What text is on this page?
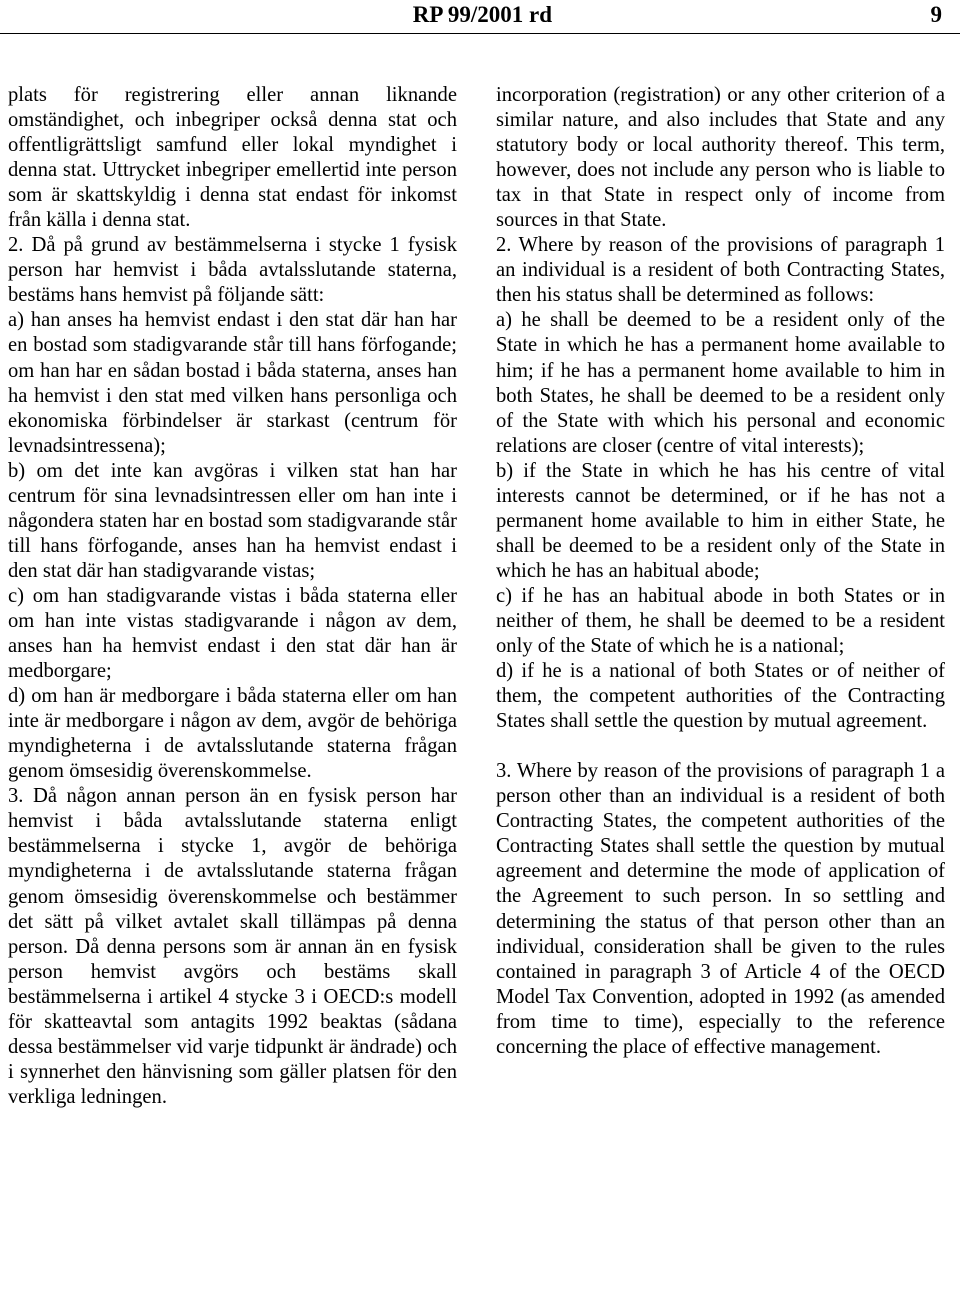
RP 99/2001 rd	9

plats för registrering eller annan liknande omständighet, och inbegriper också denna stat och offentligrättsligt samfund eller lokal myndighet i denna stat. Uttrycket inbegriper emellertid inte person som är skattskyldig i denna stat endast för inkomst från källa i denna stat.

2. Då på grund av bestämmelserna i stycke 1 fysisk person har hemvist i båda avtalsslutande staterna, bestäms hans hemvist på följande sätt:

a) han anses ha hemvist endast i den stat där han har en bostad som stadigvarande står till hans förfogande; om han har en sådan bostad i båda staterna, anses han ha hemvist i den stat med vilken hans personliga och ekonomiska förbindelser är starkast (centrum för levnadsintressena);

b) om det inte kan avgöras i vilken stat han har centrum för sina levnadsintressen eller om han inte i någondera staten har en bostad som stadigvarande står till hans förfogande, anses han ha hemvist endast i den stat där han stadigvarande vistas;

c) om han stadigvarande vistas i båda staterna eller om han inte vistas stadigvarande i någon av dem, anses han ha hemvist endast i den stat där han är medborgare;

d) om han är medborgare i båda staterna eller om han inte är medborgare i någon av dem, avgör de behöriga myndigheterna i de avtalsslutande staterna frågan genom ömsesidig överenskommelse.

3. Då någon annan person än en fysisk person har hemvist i båda avtalsslutande staterna enligt bestämmelserna i stycke 1, avgör de behöriga myndigheterna i de avtalsslutande staterna frågan genom ömsesidig överenskommelse och bestämmer det sätt på vilket avtalet skall tillämpas på denna person. Då denna persons som är annan än en fysisk person hemvist avgörs och bestäms skall bestämmelserna i artikel 4 stycke 3 i OECD:s modell för skatteavtal som antagits 1992 beaktas (sådana dessa bestämmelser vid varje tidpunkt är ändrade) och i synnerhet den hänvisning som gäller platsen för den verkliga ledningen.

incorporation (registration) or any other criterion of a similar nature, and also includes that State and any statutory body or local authority thereof. This term, however, does not include any person who is liable to tax in that State in respect only of income from sources in that State.

2. Where by reason of the provisions of paragraph 1 an individual is a resident of both Contracting States, then his status shall be determined as follows:

a) he shall be deemed to be a resident only of the State in which he has a permanent home available to him; if he has a permanent home available to him in both States, he shall be deemed to be a resident only of the State with which his personal and economic relations are closer (centre of vital interests);

b) if the State in which he has his centre of vital interests cannot be determined, or if he has not a permanent home available to him in either State, he shall be deemed to be a resident only of the State in which he has an habitual abode;

c) if he has an habitual abode in both States or in neither of them, he shall be deemed to be a resident only of the State of which he is a national;

d) if he is a national of both States or of neither of them, the competent authorities of the Contracting States shall settle the question by mutual agreement.

3. Where by reason of the provisions of paragraph 1 a person other than an individual is a resident of both Contracting States, the competent authorities of the Contracting States shall settle the question by mutual agreement and determine the mode of application of the Agreement to such person. In so settling and determining the status of that person other than an individual, consideration shall be given to the rules contained in paragraph 3 of Article 4 of the OECD Model Tax Convention, adopted in 1992 (as amended from time to time), especially to the reference concerning the place of effective management.
